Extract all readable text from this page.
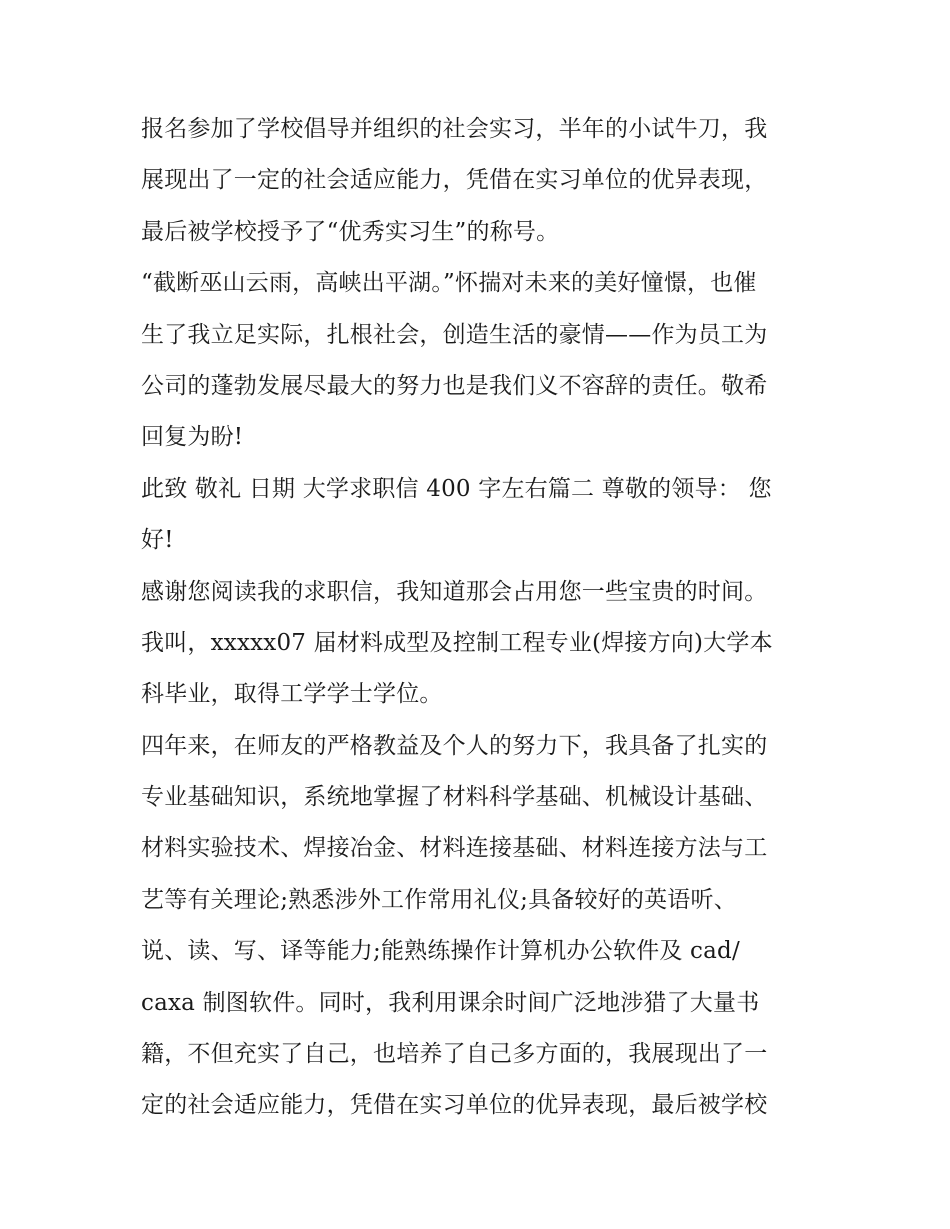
报名参加了学校倡导并组织的社会实习，半年的小试牛刀，我
展现出了一定的社会适应能力，凭借在实习单位的优异表现，
最后被学校授予了“优秀实习生”的称号。
“截断巫山云雨，高峡出平湖。”怀揣对未来的美好憧憬，也催
生了我立足实际，扎根社会，创造生活的豪情——作为员工为
公司的蓬勃发展尽最大的努力也是我们义不容辞的责任。敬希
回复为盼!
此致 敬礼 日期 大学求职信 400 字左右篇二 尊敬的领导： 您
好!
感谢您阅读我的求职信，我知道那会占用您一些宝贵的时间。
我叫，xxxxx07 届材料成型及控制工程专业(焊接方向)大学本
科毕业，取得工学学士学位。
四年来，在师友的严格教益及个人的努力下，我具备了扎实的
专业基础知识，系统地掌握了材料科学基础、机械设计基础、
材料实验技术、焊接冶金、材料连接基础、材料连接方法与工
艺等有关理论;熟悉涉外工作常用礼仪;具备较好的英语听、
说、读、写、译等能力;能熟练操作计算机办公软件及 cad/
caxa 制图软件。同时，我利用课余时间广泛地涉猎了大量书
籍，不但充实了自己，也培养了自己多方面的，我展现出了一
定的社会适应能力，凭借在实习单位的优异表现，最后被学校
